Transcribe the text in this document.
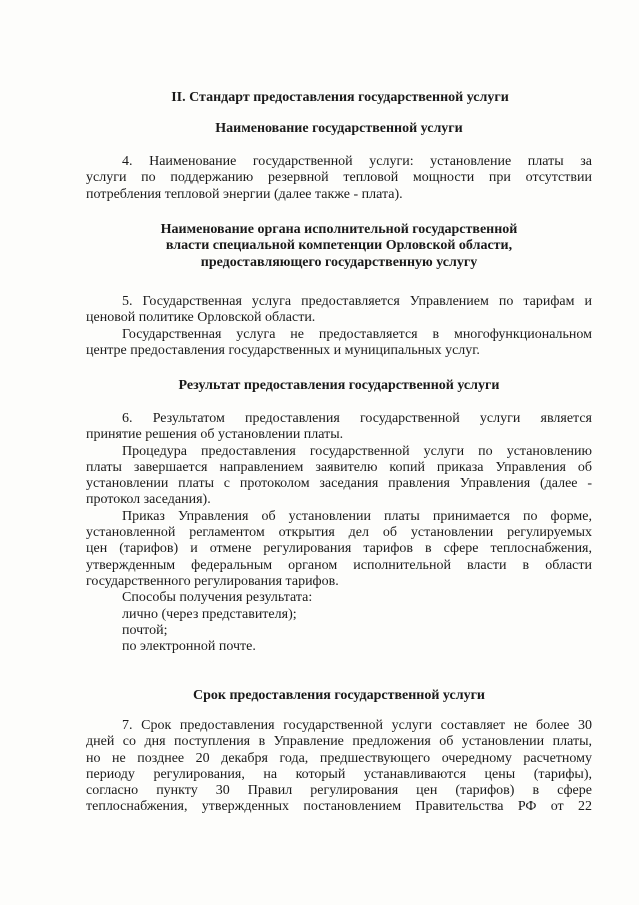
II. Стандарт предоставления государственной услуги
Наименование государственной услуги
4. Наименование государственной услуги: установление платы за
услуги по поддержанию резервной тепловой мощности при отсутствии
потребления тепловой энергии (далее также - плата).
Наименование органа исполнительной государственной
власти специальной компетенции Орловской области,
предоставляющего государственную услугу
5. Государственная услуга предоставляется Управлением по тарифам и
ценовой политике Орловской области.
Государственная услуга не предоставляется в многофункциональном
центре предоставления государственных и муниципальных услуг.
Результат предоставления государственной услуги
6. Результатом предоставления государственной услуги является
принятие решения об установлении платы.
Процедура предоставления государственной услуги по установлению
платы завершается направлением заявителю копий приказа Управления об
установлении платы с протоколом заседания правления Управления (далее -
протокол заседания).
Приказ Управления об установлении платы принимается по форме,
установленной регламентом открытия дел об установлении регулируемых
цен (тарифов) и отмене регулирования тарифов в сфере теплоснабжения,
утвержденным федеральным органом исполнительной власти в области
государственного регулирования тарифов.
Способы получения результата:
лично (через представителя);
почтой;
по электронной почте.
Срок предоставления государственной услуги
7. Срок предоставления государственной услуги составляет не более 30
дней со дня поступления в Управление предложения об установлении платы,
но не позднее 20 декабря года, предшествующего очередному расчетному
периоду регулирования, на который устанавливаются цены (тарифы),
согласно пункту 30 Правил регулирования цен (тарифов) в сфере
теплоснабжения, утвержденных постановлением Правительства РФ от 22
